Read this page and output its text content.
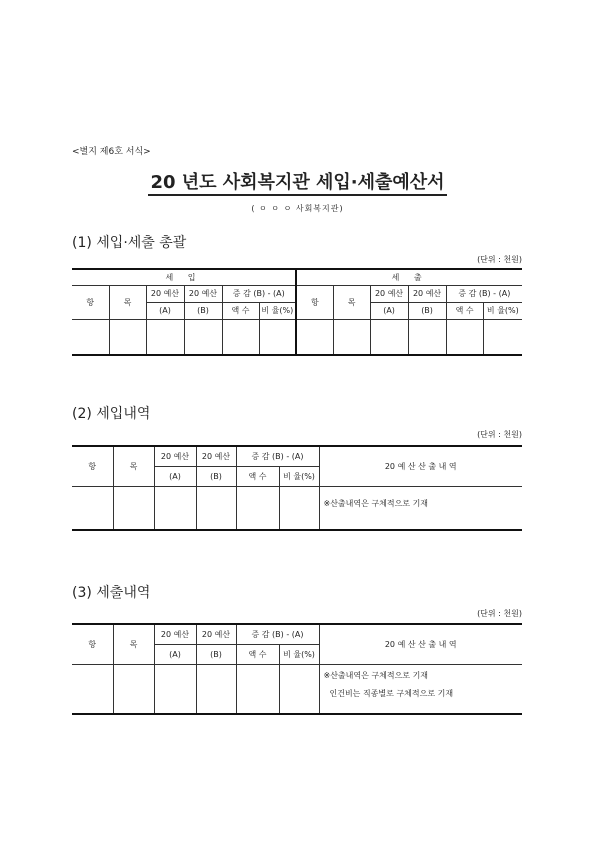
<별지 제6호 서식>
20 년도 사회복지관 세입·세출예산서
( ㅇ ㅇ ㅇ 사회복지관)
(1) 세입·세출 총괄
(단위 : 천원)
세 입						세 출					
항	목	20 예산	20 예산	증 감 (B) - (A)		항	목	20 예산	20 예산	증 감 (B) - (A)	
		(A)	(B)	액 수	비 율(%)			(A)	(B)	액 수	비 율(%)

(2) 세입내역
(단위 : 천원)
항	목	20 예산	20 예산	증 감 (B) - (A)		20 예 산 산 출 내 역
		(A)	(B)	액 수	비 율(%)	
						※산출내역은 구체적으로 기재
(3) 세출내역
(단위 : 천원)
항	목	20 예산	20 예산	증 감 (B) - (A)		20 예 산 산 출 내 역
		(A)	(B)	액 수	비 율(%)	

						※산출내역은 구체적으로 기재
인건비는 직종별로 구체적으로 기재
